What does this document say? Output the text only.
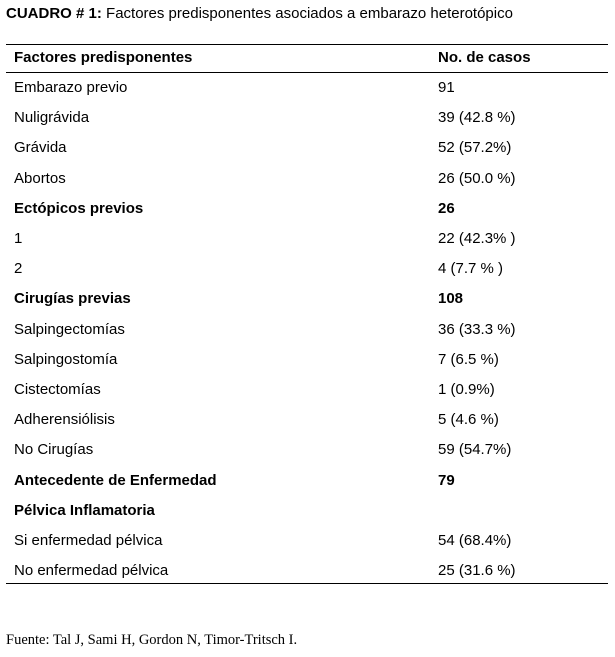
CUADRO # 1: Factores predisponentes asociados a embarazo heterotópico
Factores predisponentes	No. de casos
Embarazo previo	91
Nuligrávida	39 (42.8 %)
Grávida	52 (57.2%)
Abortos	26 (50.0 %)
Ectópicos previos	26
1	22 (42.3% )
2	4 (7.7 % )
Cirugías previas	108
Salpingectomías	36 (33.3 %)
Salpingostomía	7 (6.5 %)
Cistectomías	1 (0.9%)
Adherensiólisis	5 (4.6 %)
No Cirugías	59 (54.7%)
Antecedente de Enfermedad	79
Pélvica Inflamatoria
Si enfermedad pélvica	54 (68.4%)
No enfermedad pélvica	25 (31.6 %)
Fuente: Tal J, Sami H, Gordon N, Timor-Tritsch I.
